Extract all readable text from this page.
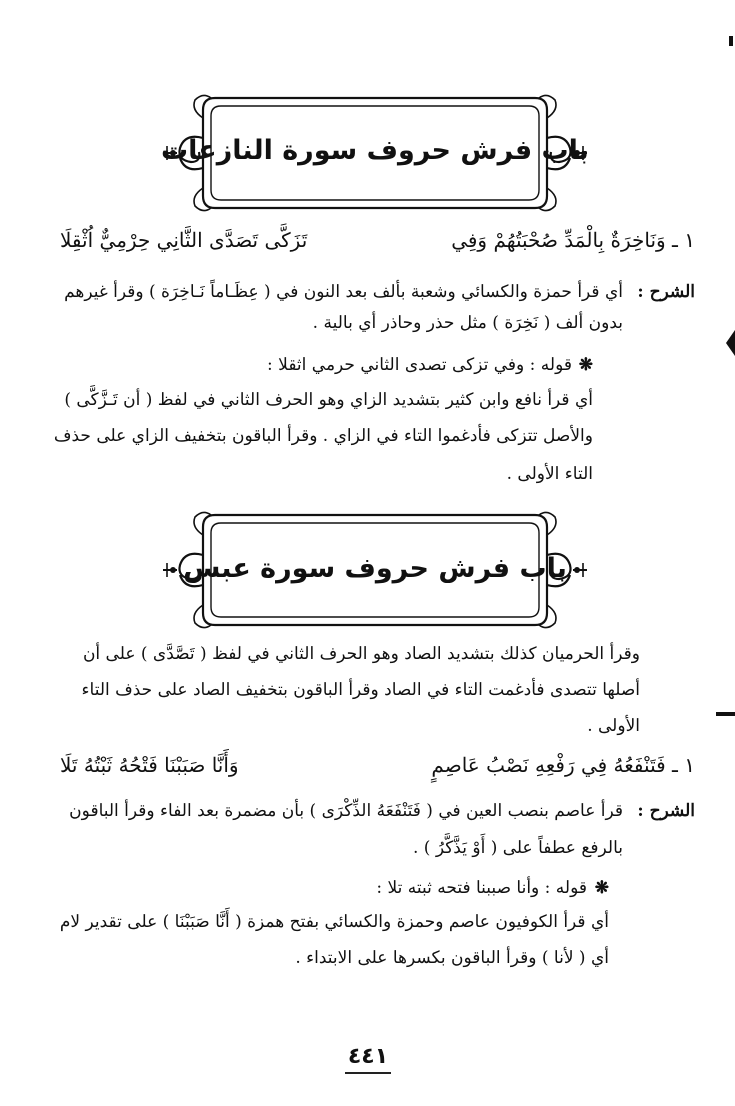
باب فرش حروف سورة النازعات
١ ـ وَنَاخِرَةٌ بِالْمَدِّ صُحْبَتُهُمْ وَفِي
تَزَكَّى تَصَدَّى الثَّانِي حِرْمِيٌّ اُثْقِلَا
الشرح :
أي قرأ حمزة والكسائي وشعبة بألف بعد النون في ( عِظَـاماً نَـاخِرَة ) وقرأ غيرهم
بدون ألف ( نَخِرَة ) مثل حذر وحاذر أي بالية .
❋
قوله : وفي تزكى تصدى الثاني حرمي اثقلا :
أي قرأ نافع وابن كثير بتشديد الزاي وهو الحرف الثاني في لفظ ( أن تَـزَّكَّى )
والأصل تتزكى فأدغموا التاء في الزاي . وقرأ الباقون بتخفيف الزاي على حذف
التاء الأولى .
باب فرش حروف سورة عبس
وقرأ الحرميان كذلك بتشديد الصاد وهو الحرف الثاني في لفظ ( تَصَّدَّى ) على أن
أصلها تتصدى فأدغمت التاء في الصاد وقرأ الباقون بتخفيف الصاد على حذف التاء
الأولى .
١ ـ فَتَنْفَعُهُ فِي رَفْعِهِ نَصْبُ عَاصِمٍ
وَأَنَّا صَبَبْنَا فَتْحُهُ ثَبْتُهُ تَلَا
الشرح :
قرأ عاصم بنصب العين في ( فَتَنْفَعَهُ الذِّكْرَى ) بأن مضمرة بعد الفاء وقرأ الباقون
بالرفع عطفاً على ( أَوْ يَذَّكَّرُ ) .
❋
قوله : وأنا صببنا فتحه ثبته تلا :
أي قرأ الكوفيون عاصم وحمزة والكسائي بفتح همزة ( أَنَّا صَبَبْنَا ) على تقدير لام
أي ( لأنا ) وقرأ الباقون بكسرها على الابتداء .
٤٤١
